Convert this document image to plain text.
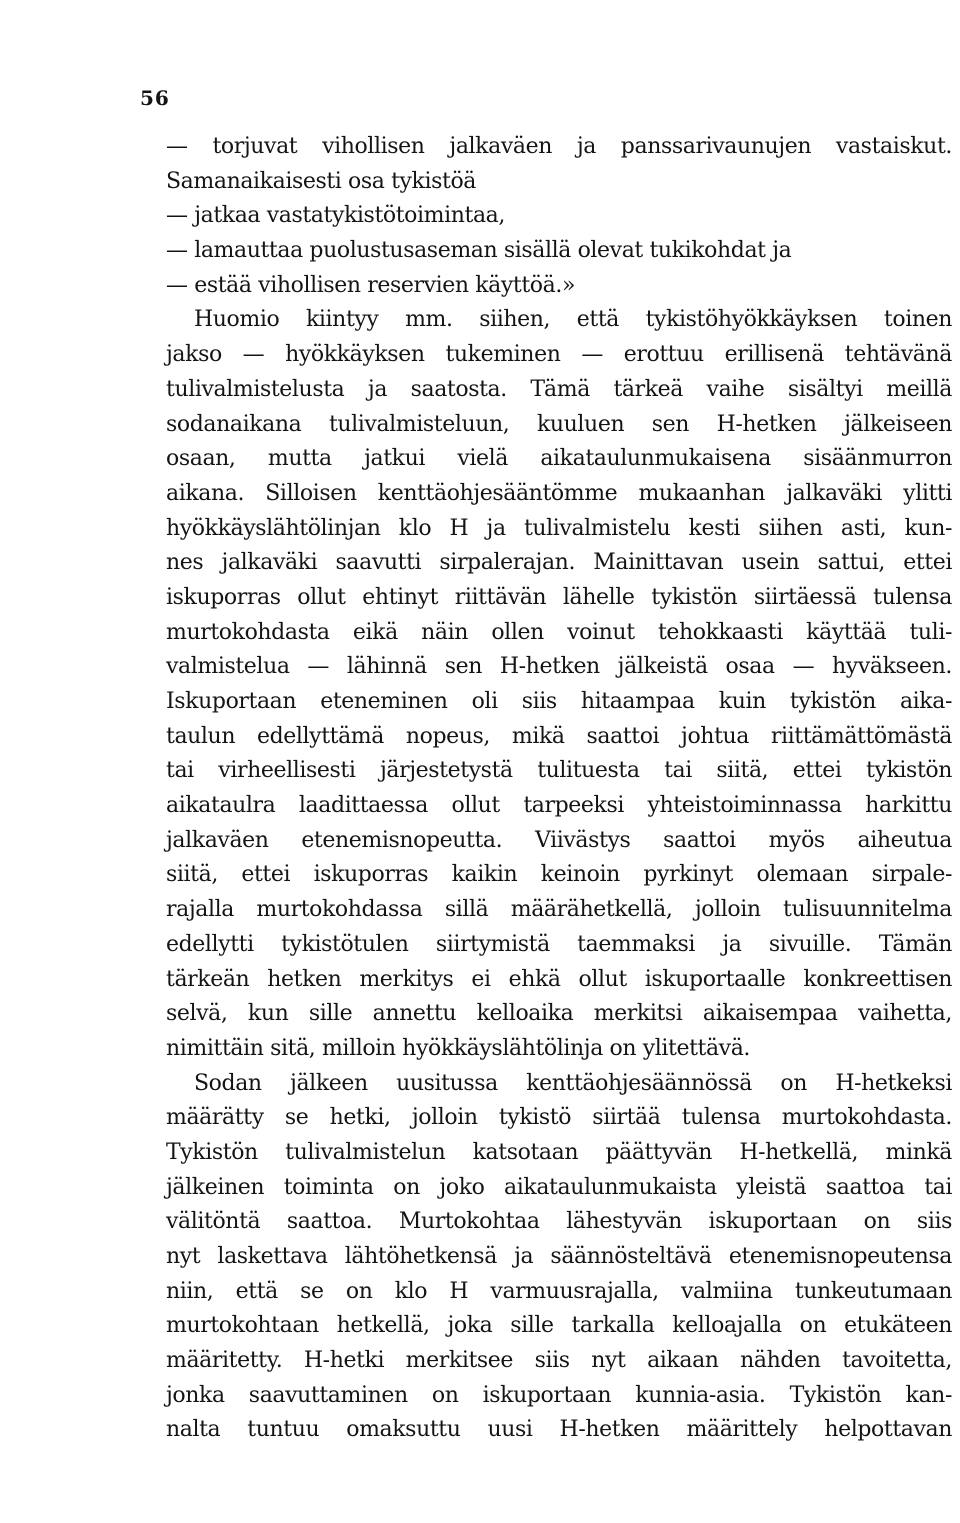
56
— torjuvat vihollisen jalkaväen ja panssarivaunujen vastaiskut.
Samanaikaisesti osa tykistöä
— jatkaa vastatykistötoimintaa,
— lamauttaa puolustusaseman sisällä olevat tukikohdat ja
— estää vihollisen reservien käyttöä.»
Huomio kiintyy mm. siihen, että tykistöhyökkäyksen toinen
jakso — hyökkäyksen tukeminen — erottuu erillisenä tehtävänä
tulivalmistelusta ja saatosta. Tämä tärkeä vaihe sisältyi meillä
sodanaikana tulivalmisteluun, kuuluen sen H-hetken jälkeiseen
osaan, mutta jatkui vielä aikataulunmukaisena sisäänmurron
aikana. Silloisen kenttäohjesääntömme mukaanhan jalkaväki ylitti
hyökkäyslähtölinjan klo H ja tulivalmistelu kesti siihen asti, kun-
nes jalkaväki saavutti sirpalerajan. Mainittavan usein sattui, ettei
iskuporras ollut ehtinyt riittävän lähelle tykistön siirtäessä tulensa
murtokohdasta eikä näin ollen voinut tehokkaasti käyttää tuli-
valmistelua — lähinnä sen H-hetken jälkeistä osaa — hyväkseen.
Iskuportaan eteneminen oli siis hitaampaa kuin tykistön aika-
taulun edellyttämä nopeus, mikä saattoi johtua riittämättömästä
tai virheellisesti järjestetystä tulituesta tai siitä, ettei tykistön
aikataulra laadittaessa ollut tarpeeksi yhteistoiminnassa harkittu
jalkaväen etenemisnopeutta. Viivästys saattoi myös aiheutua
siitä, ettei iskuporras kaikin keinoin pyrkinyt olemaan sirpale-
rajalla murtokohdassa sillä määrähetkellä, jolloin tulisuunnitelma
edellytti tykistötulen siirtymistä taemmaksi ja sivuille. Tämän
tärkeän hetken merkitys ei ehkä ollut iskuportaalle konkreettisen
selvä, kun sille annettu kelloaika merkitsi aikaisempaa vaihetta,
nimittäin sitä, milloin hyökkäyslähtölinja on ylitettävä.
Sodan jälkeen uusitussa kenttäohjesäännössä on H-hetkeksi
määrätty se hetki, jolloin tykistö siirtää tulensa murtokohdasta.
Tykistön tulivalmistelun katsotaan päättyvän H-hetkellä, minkä
jälkeinen toiminta on joko aikataulunmukaista yleistä saattoa tai
välitöntä saattoa. Murtokohtaa lähestyvän iskuportaan on siis
nyt laskettava lähtöhetkensä ja säännösteltävä etenemisnopeutensa
niin, että se on klo H varmuusrajalla, valmiina tunkeutumaan
murtokohtaan hetkellä, joka sille tarkalla kelloajalla on etukäteen
määritetty. H-hetki merkitsee siis nyt aikaan nähden tavoitetta,
jonka saavuttaminen on iskuportaan kunnia-asia. Tykistön kan-
nalta tuntuu omaksuttu uusi H-hetken määrittely helpottavan
